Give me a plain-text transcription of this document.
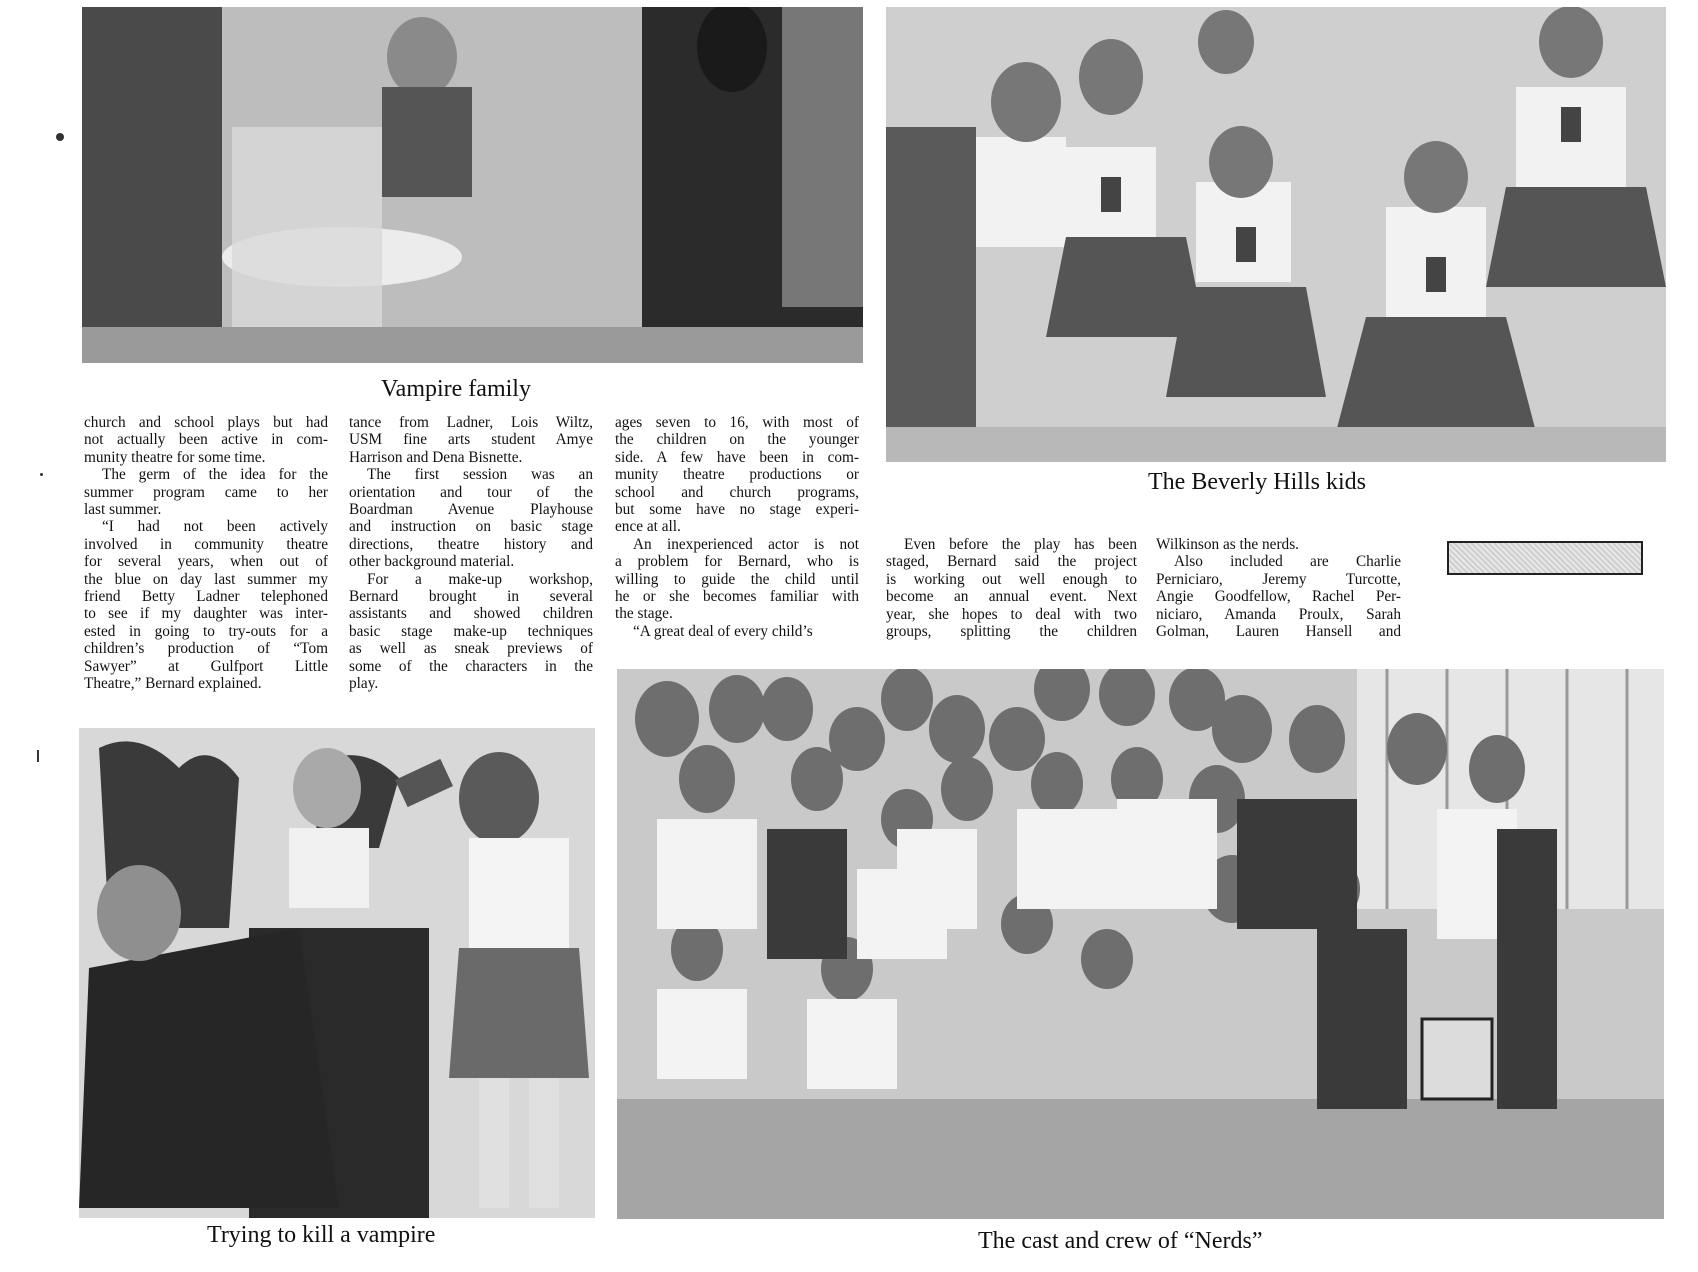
Vampire family
The Beverly Hills kids
church and school plays but had
not actually been active in com-
munity theatre for some time.
The germ of the idea for the
summer program came to her
last summer.
“I had not been actively
involved in community theatre
for several years, when out of
the blue on day last summer my
friend Betty Ladner telephoned
to see if my daughter was inter-
ested in going to try-outs for a
children’s production of “Tom
Sawyer” at Gulfport Little
Theatre,” Bernard explained.
tance from Ladner, Lois Wiltz,
USM fine arts student Amye
Harrison and Dena Bisnette.
The first session was an
orientation and tour of the
Boardman Avenue Playhouse
and instruction on basic stage
directions, theatre history and
other background material.
For a make-up workshop,
Bernard brought in several
assistants and showed children
basic stage make-up techniques
as well as sneak previews of
some of the characters in the
play.
ages seven to 16, with most of
the children on the younger
side. A few have been in com-
munity theatre productions or
school and church programs,
but some have no stage experi-
ence at all.
An inexperienced actor is not
a problem for Bernard, who is
willing to guide the child until
he or she becomes familiar with
the stage.
“A great deal of every child’s
Even before the play has been
staged, Bernard said the project
is working out well enough to
become an annual event. Next
year, she hopes to deal with two
groups, splitting the children
Wilkinson as the nerds.
Also included are Charlie
Perniciaro, Jeremy Turcotte,
Angie Goodfellow, Rachel Per-
niciaro, Amanda Proulx, Sarah
Golman, Lauren Hansell and
Trying to kill a vampire	The cast and crew of “Nerds”
